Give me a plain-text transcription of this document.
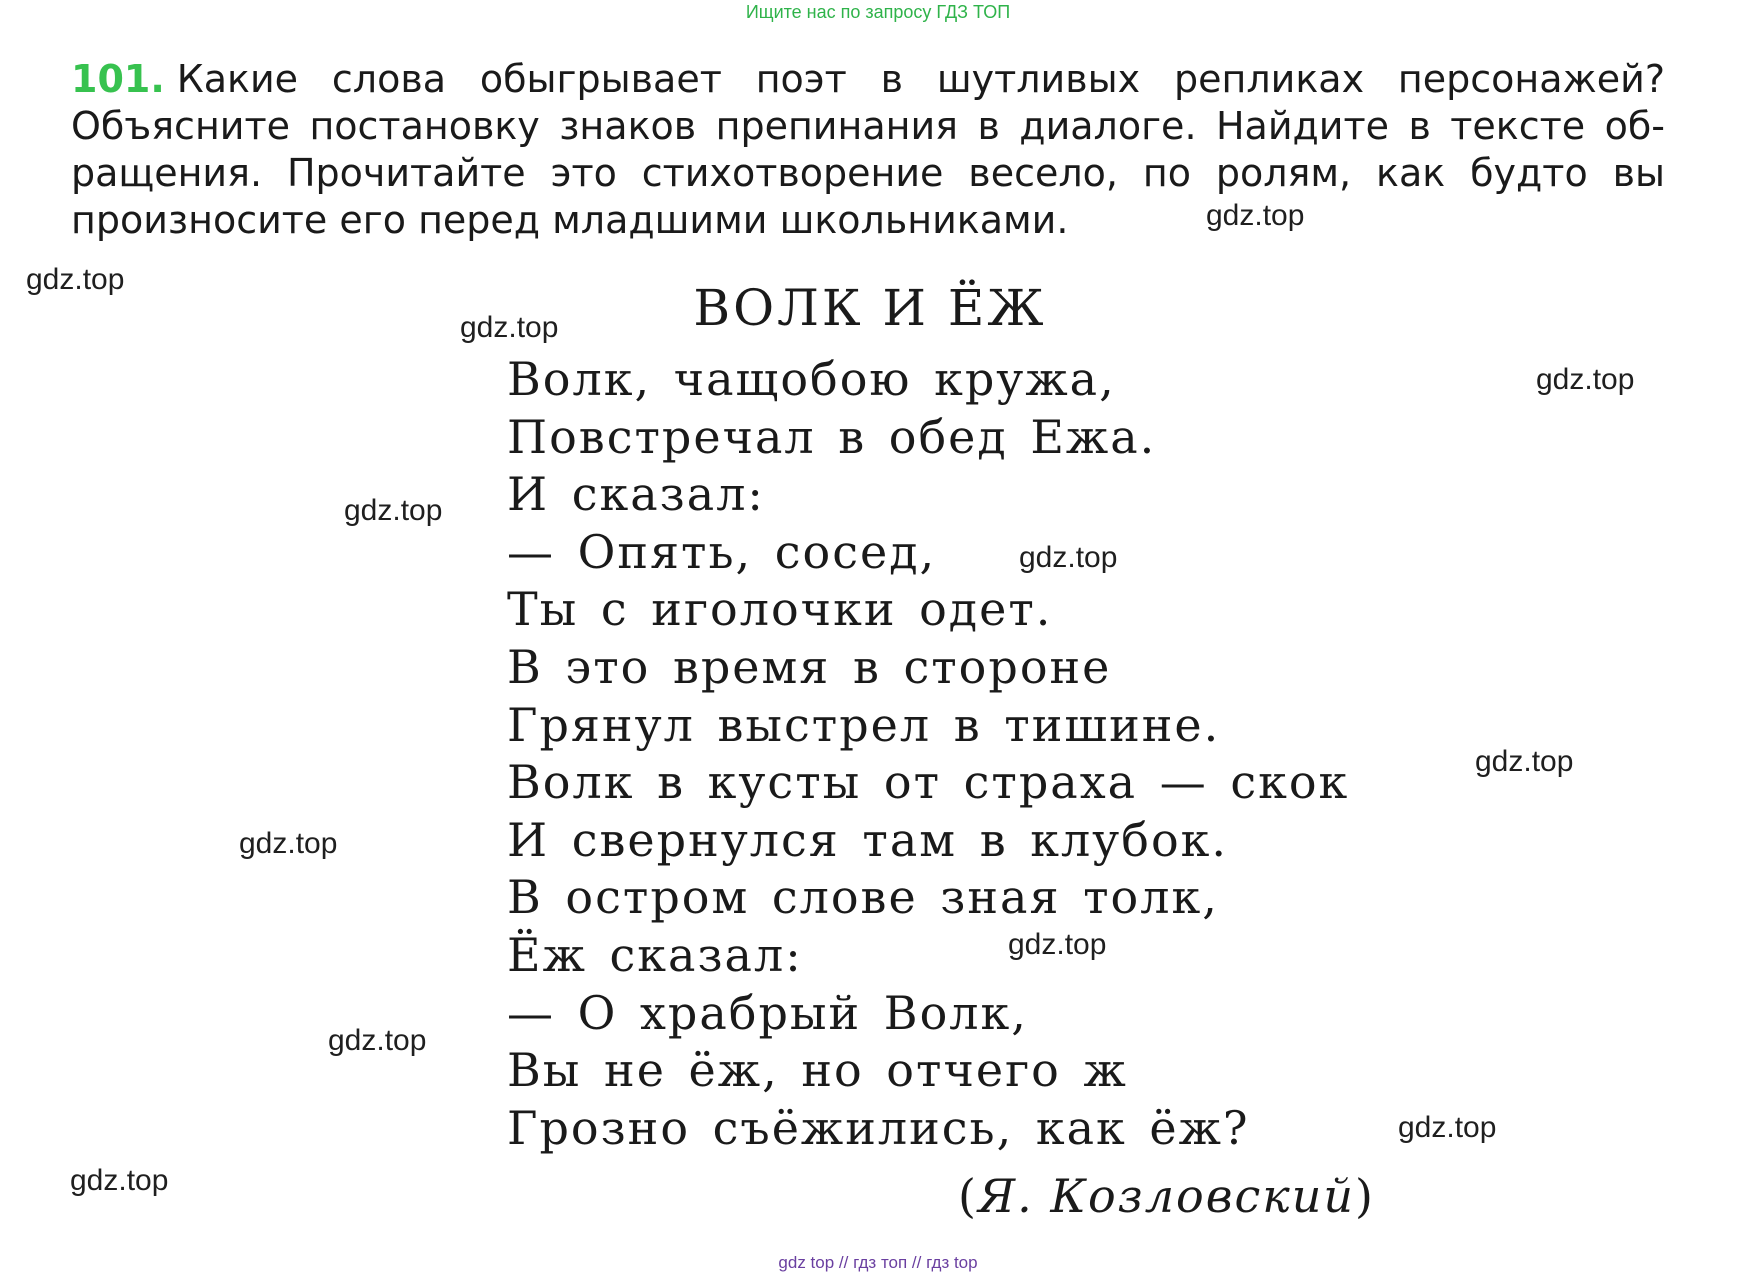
Ищите нас по запросу ГДЗ ТОП
101. Какие слова обыгрывает поэт в шутливых репликах персонажей?
Объясните постановку знаков препинания в диалоге. Найдите в тексте об-
ращения. Прочитайте это стихотворение весело, по ролям, как будто вы
произносите его перед младшими школьниками.
ВОЛК И ЁЖ
Волк, чащобою кружа,
Повстречал в обед Ежа.
И сказал:
— Опять, сосед,
Ты с иголочки одет.
В это время в стороне
Грянул выстрел в тишине.
Волк в кусты от страха — скок
И свернулся там в клубок.
В остром слове зная толк,
Ёж сказал:
— О храбрый Волк,
Вы не ёж, но отчего ж
Грозно съёжились, как ёж?
(Я. Козловский)
gdz.top
gdz.top
gdz.top
gdz.top
gdz.top
gdz.top
gdz.top
gdz.top
gdz.top
gdz.top
gdz.top
gdz.top
gdz top // гдз топ // гдз top
